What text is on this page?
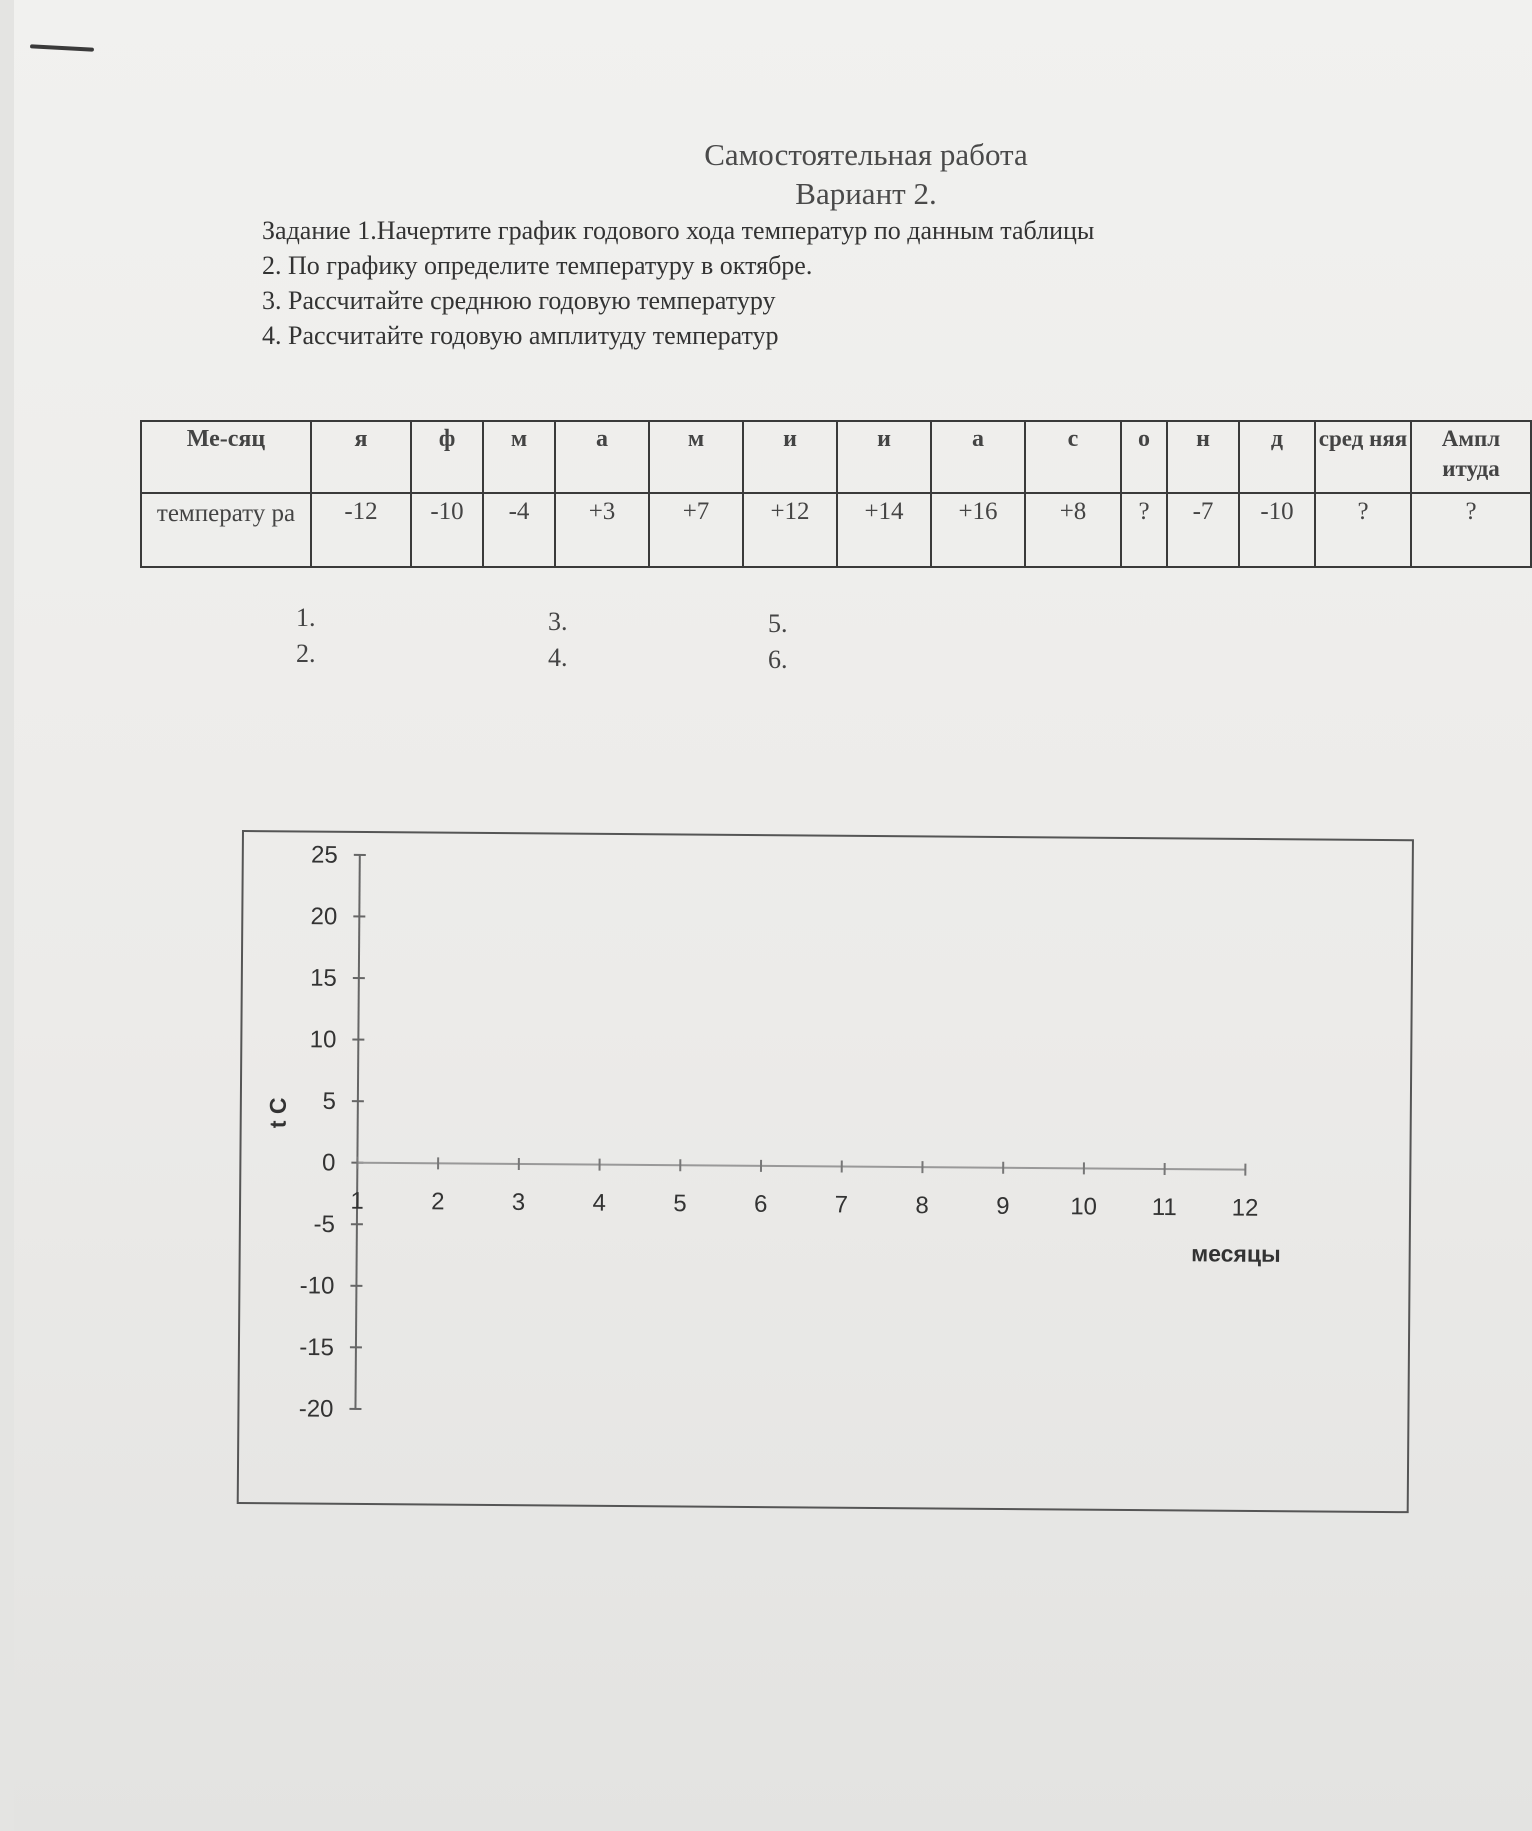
Самостоятельная работа
Вариант 2.
Задание 1.Начертите график годового хода температур по данным таблицы
2. По графику определите температуру в октябре.
3. Рассчитайте среднюю годовую температуру
4. Рассчитайте годовую амплитуду температур
Ме-сяц	я	ф	м	а	м	и	и	а	с	о	н	д	сред няя	Ампл итуда
температу ра	-12	-10	-4	+3	+7	+12	+14	+16	+8	?	-7	-10	?	?
1.
2.
3.
4.
5.
6.
25
20
15
10
5
0
-5
-10
-15
-20
1	2	3	4	5	6	7	8	9	10 11 12
t C
месяцы
